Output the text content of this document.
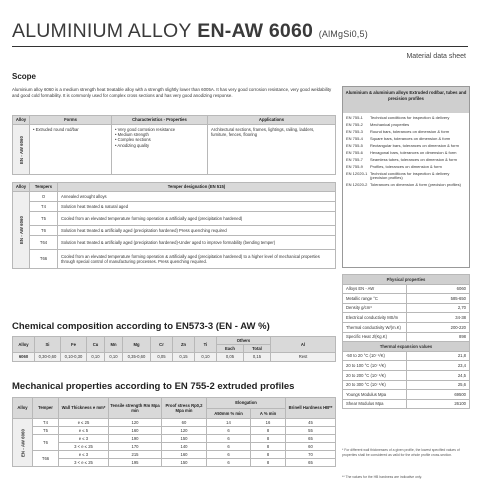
ALUMINIUM ALLOY EN-AW 6060 (AlMgSi0,5)
Material data sheet
Scope
Aluminium alloy 6060 is a medium strength heat treatable alloy with a strength slightly lower than 6005A. It has very good corrosion resistance, very good weldability and good cold formability. It is commonly used for complex cross sections and has very good anodizing response.
Alloy	Forms	Characteristics - Properties	Applications
EN - AW 6060	• Extruded round rod/bar	• Very good corrosion resistance
• Medium strength
• Complex sections
• Anodizing quality	Architectural sections, frames, lightings, railing, ladders, furniture, fences, flooring
Alloy	Tempers	Temper designation (EN 515)
EN - AW 6060	O	Annealed wrought alloys
	T4	Solution heat treated & natural aged
	T5	Cooled from an elevated temperature forming operation & artificially aged (precipitation hardened)
	T6	Solution heat treated & artificially aged (precipitation hardened) Press quenching required
	T64	Solution heat treated & artificially aged (precipitation hardened)-Under aged to improve formability (bending temper)
	T66	Cooled from an elevated temperature forming operation & artificially aged (precipitation hardened) to a higher level of mechanical properties through special control of manufacturing processes. Press quenching required.
Chemical composition according to EN573-3 (EN - AW %)
Alloy	Si	Fe	Cu	Mn	Mg	Cr	Zn	Ti	Others		Al
									Each	Total	
6060	0,30-0,60	0,10-0,30	0,10	0,10	0,35-0,60	0,05	0,15	0,10	0,05	0,15	Rest
Mechanical properties according to EN 755-2 extruded profiles
Alloy	Temper	Wall Thickness e mm*	Tensile strength Rm Mpa min	Proof stress Rp0,2 Mpa min	Elongation		Brinell Hardness HB**
					A50mm % min	A % min	
EN - AW 6060	T4	e ≤ 25	120	60	14	16	45
	T5	e ≤ 5	160	120	6	8	55
	T6	e ≤ 3	190	150	6	8	65
		3 < e ≤ 25	170	140	6	8	60
	T66	e ≤ 3	215	160	6	8	70
		3 < e ≤ 25	195	150	6	8	65
Aluminium & aluminium alloys Extruded rod/bar, tubes and precision profiles
EN 755-1	Technical conditions for inspection & delivery
EN 755-2	Mechanical properties
EN 755-3	Round bars, tolerances on dimension & form
EN 755-4	Square bars, tolerances on dimension & form
EN 755-5	Rectangular bars, tolerances on dimension & form
EN 755-6	Hexagonal bars, tolerances on dimension & form
EN 755-7	Seamless tubes, tolerances on dimension & form
EN 755-9	Profiles, tolerances on dimension & form
EN 12020-1 Technical conditions for inspection & delivery (precision profiles)
EN 12020-2 Tolerances on dimension & form (precision profiles)
Physical properties	
Alloys EN - AW	6060
Metallic range °C	585-650
Density g/cm³	2,70
Electrical conductivity MS/m	34-38
Thermal conductivity W/(m.K)	200-220
Specific Heat J/(Kg.K)	898
Thermal expansion values	
-50 to 20 °C (10⁻⁶/K)	21,8
20 to 100 °C (10⁻⁶/K)	23,4
20 to 200 °C (10⁻⁶/K)	24,5
20 to 300 °C (10⁻⁶/K)	25,6
Youngs Modulus Mpa	69500
Shear Modulus Mpa	26100
* For different wall thicknesses of a given profile, the lowest specified values of properties shall be considered as valid for the whole profile cross-section.
** The values for the HB hardness are indicative only.
